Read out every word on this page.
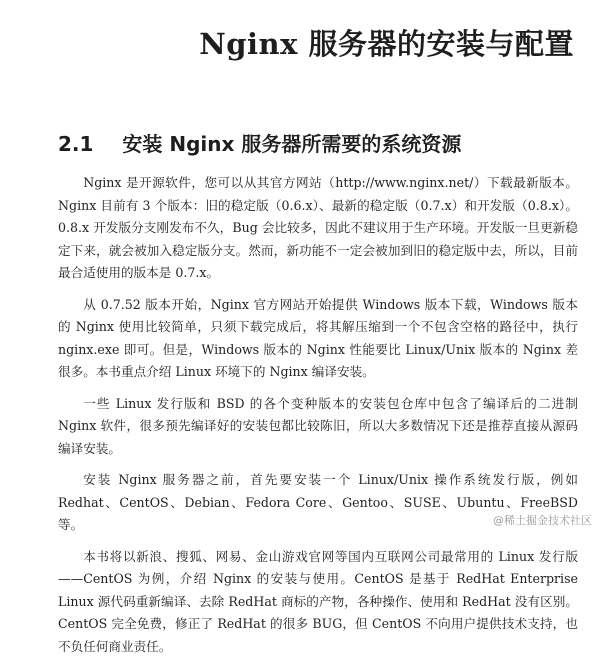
Nginx 服务器的安装与配置
2.1 安装 Nginx 服务器所需要的系统资源

Nginx 是开源软件，您可以从其官方网站（http://www.nginx.net/）下载最新版本。Nginx 目前有 3 个版本：旧的稳定版（0.6.x）、最新的稳定版（0.7.x）和开发版（0.8.x）。0.8.x 开发版分支刚发布不久，Bug 会比较多，因此不建议用于生产环境。开发版一旦更新稳定下来，就会被加入稳定版分支。然而，新功能不一定会被加到旧的稳定版中去，所以，目前最合适使用的版本是 0.7.x。

从 0.7.52 版本开始，Nginx 官方网站开始提供 Windows 版本下载，Windows 版本的 Nginx 使用比较简单，只须下载完成后，将其解压缩到一个不包含空格的路径中，执行 nginx.exe 即可。但是，Windows 版本的 Nginx 性能要比 Linux/Unix 版本的 Nginx 差很多。本书重点介绍 Linux 环境下的 Nginx 编译安装。

一些 Linux 发行版和 BSD 的各个变种版本的安装包仓库中包含了编译后的二进制 Nginx 软件，很多预先编译好的安装包都比较陈旧，所以大多数情况下还是推荐直接从源码编译安装。

安装 Nginx 服务器之前，首先要安装一个 Linux/Unix 操作系统发行版，例如 Redhat、CentOS、Debian、Fedora Core、Gentoo、SUSE、Ubuntu、FreeBSD 等。

本书将以新浪、搜狐、网易、金山游戏官网等国内互联网公司最常用的 Linux 发行版——CentOS 为例，介绍 Nginx 的安装与使用。CentOS 是基于 RedHat Enterprise Linux 源代码重新编译、去除 RedHat 商标的产物，各种操作、使用和 RedHat 没有区别。CentOS 完全免费，修正了 RedHat 的很多 BUG，但 CentOS 不向用户提供技术支持，也不负任何商业责任。

@稀土掘金技术社区
